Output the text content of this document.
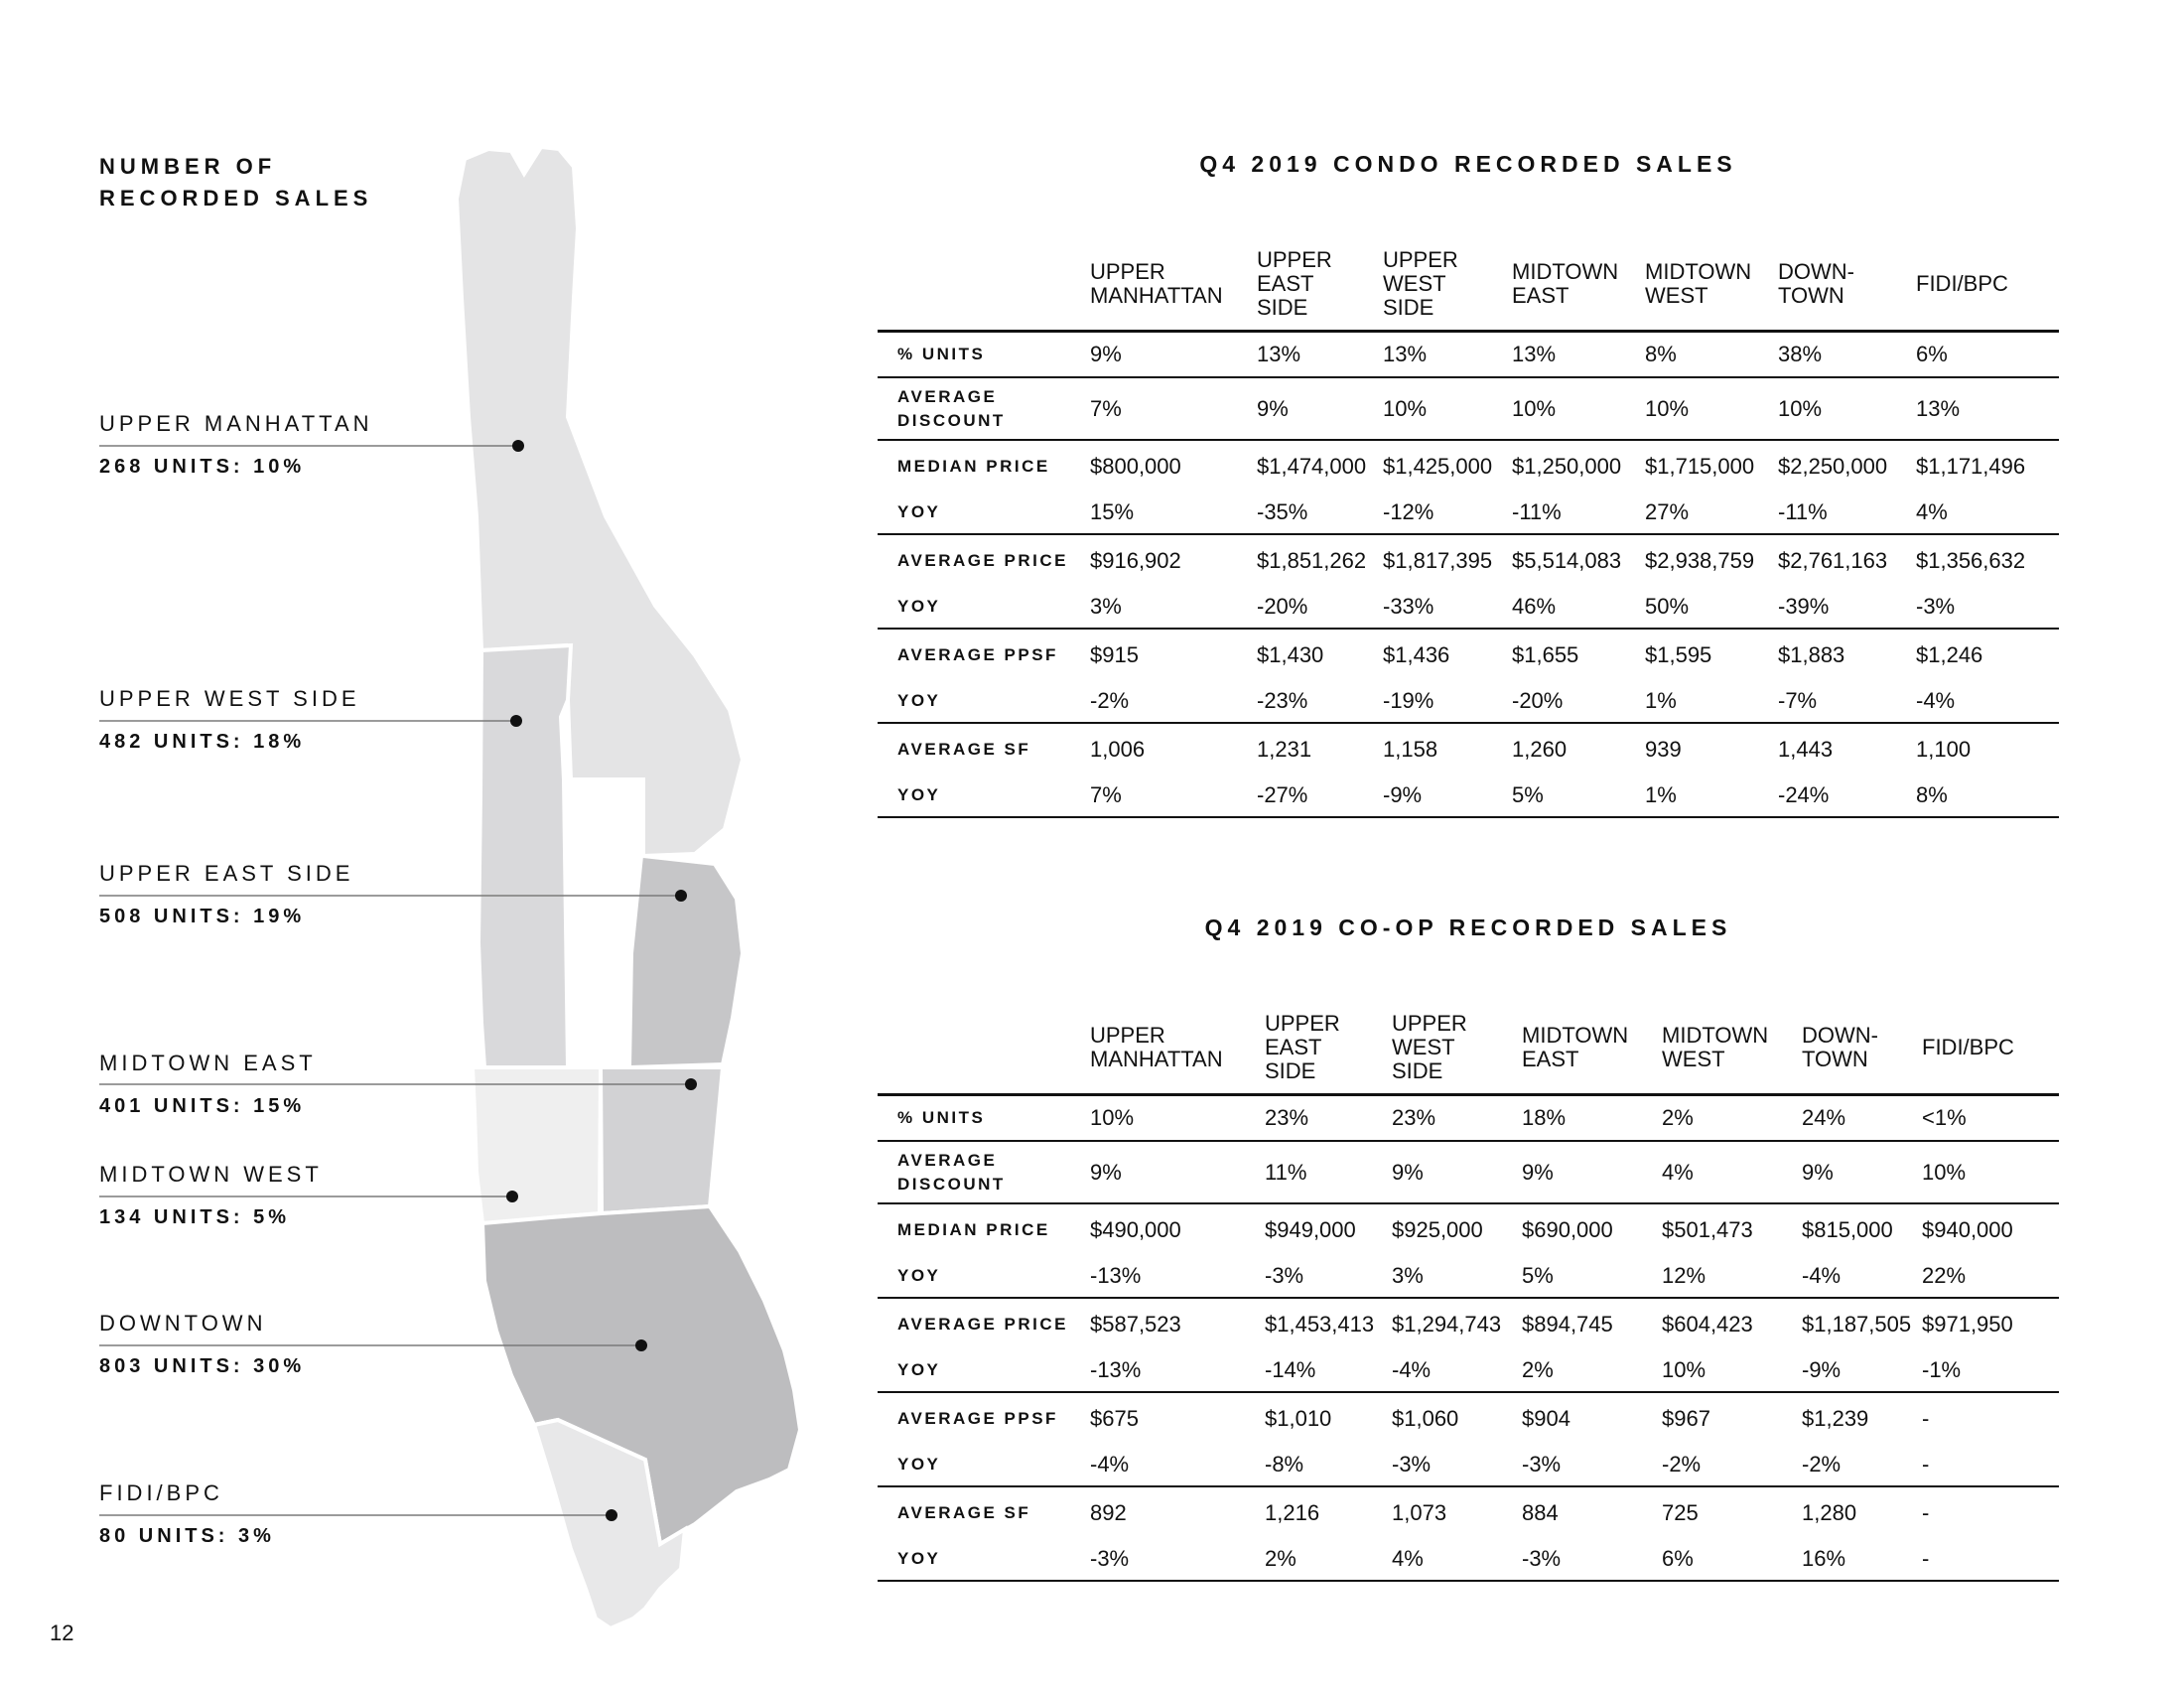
NUMBER OF
RECORDED SALES

UPPER MANHATTAN

268 UNITS: 10%

UPPER WEST SIDE

482 UNITS: 18%

UPPER EAST SIDE

508 UNITS: 19%

MIDTOWN EAST

401 UNITS: 15%

MIDTOWN WEST

134 UNITS: 5%

DOWNTOWN

803 UNITS: 30%

FIDI/BPC

80 UNITS: 3%

12

Q4 2019 CONDO RECORDED SALES

	UPPER
MANHATTAN	UPPER
EAST
SIDE	UPPER
WEST
SIDE	MIDTOWN
EAST	MIDTOWN
WEST	DOWN-
TOWN	FIDI/BPC
% UNITS	9%	13%	13%	13%	8%	38%	6%
AVERAGE
DISCOUNT	7%	9%	10%	10%	10%	10%	13%
MEDIAN PRICE	$800,000	$1,474,000	$1,425,000	$1,250,000	$1,715,000	$2,250,000	$1,171,496
YOY	15%	-35%	-12%	-11%	27%	-11%	4%
AVERAGE PRICE	$916,902	$1,851,262	$1,817,395	$5,514,083	$2,938,759	$2,761,163	$1,356,632
YOY	3%	-20%	-33%	46%	50%	-39%	-3%
AVERAGE PPSF	$915	$1,430	$1,436	$1,655	$1,595	$1,883	$1,246
YOY	-2%	-23%	-19%	-20%	1%	-7%	-4%
AVERAGE SF	1,006	1,231	1,158	1,260	939	1,443	1,100
YOY	7%	-27%	-9%	5%	1%	-24%	8%

Q4 2019 CO-OP RECORDED SALES

	UPPER
MANHATTAN	UPPER
EAST
SIDE	UPPER
WEST
SIDE	MIDTOWN
EAST	MIDTOWN
WEST	DOWN-
TOWN	FIDI/BPC
% UNITS	10%	23%	23%	18%	2%	24%	<1%
AVERAGE
DISCOUNT	9%	11%	9%	9%	4%	9%	10%
MEDIAN PRICE	$490,000	$949,000	$925,000	$690,000	$501,473	$815,000	$940,000
YOY	-13%	-3%	3%	5%	12%	-4%	22%
AVERAGE PRICE	$587,523	$1,453,413	$1,294,743	$894,745	$604,423	$1,187,505	$971,950
YOY	-13%	-14%	-4%	2%	10%	-9%	-1%
AVERAGE PPSF	$675	$1,010	$1,060	$904	$967	$1,239	-
YOY	-4%	-8%	-3%	-3%	-2%	-2%	-
AVERAGE SF	892	1,216	1,073	884	725	1,280	-
YOY	-3%	2%	4%	-3%	6%	16%	-
